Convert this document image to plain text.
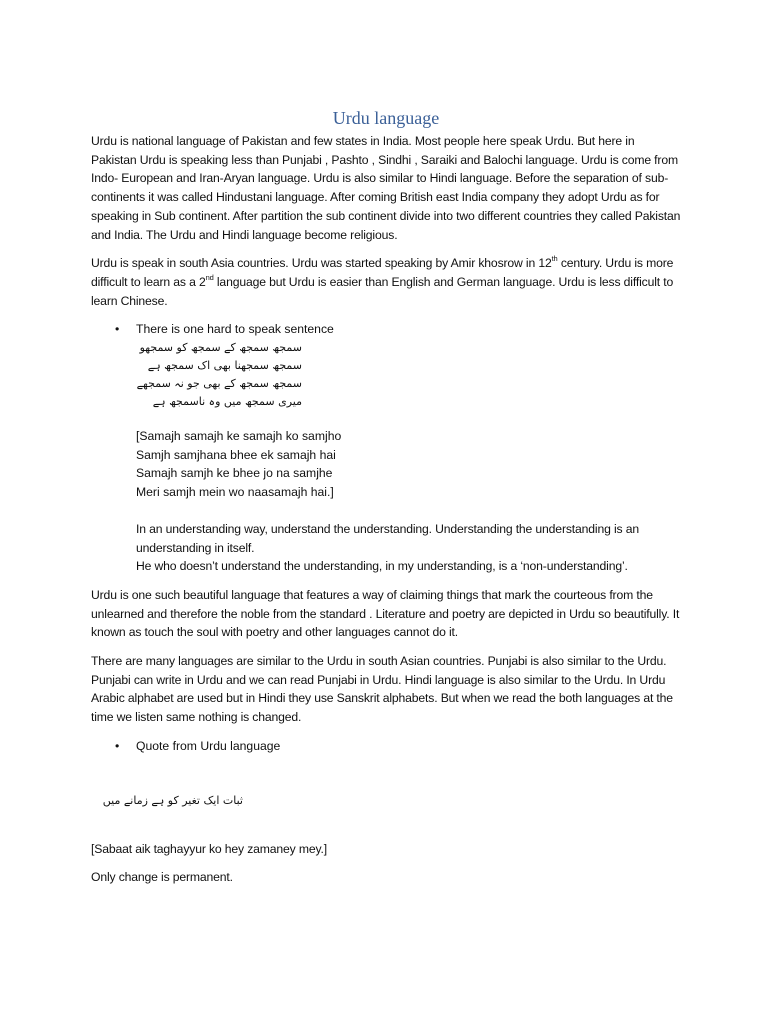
Urdu language

Urdu is national language of Pakistan and few states in India. Most people here speak Urdu. But here in Pakistan Urdu is speaking less than Punjabi , Pashto , Sindhi , Saraiki and Balochi language. Urdu is come from Indo- European and Iran-Aryan language. Urdu is also similar to Hindi language. Before the separation of sub- continents it was called Hindustani language. After coming British east India company they adopt Urdu as for speaking in Sub continent. After partition the sub continent divide into two different countries they called Pakistan and India. The Urdu and Hindi language become religious.

Urdu is speak in south Asia countries. Urdu was started speaking by Amir khosrow in 12th century. Urdu is more difficult to learn as a 2nd language but Urdu is easier than English and German language. Urdu is less difficult to learn Chinese.

• There is one hard to speak sentence
سمجھ سمجھ کے سمجھ کو سمجھو
سمجھ سمجھنا بھی اک سمجھ ہے
سمجھ سمجھ کے بھی جو نہ سمجھے
میری سمجھ میں وہ ناسمجھ ہے
[Samajh samajh ke samajh ko samjho
Samjh samjhana bhee ek samajh hai
Samajh samjh ke bhee jo na samjhe
Meri samjh mein wo naasamajh hai.]
In an understanding way, understand the understanding. Understanding the understanding is an understanding in itself.
He who doesn’t understand the understanding, in my understanding, is a ‘non-understanding’.

Urdu is one such beautiful language that features a way of claiming things that mark the courteous from the unlearned and therefore the noble from the standard . Literature and poetry are depicted in Urdu so beautifully. It known as touch the soul with poetry and other languages cannot do it.

There are many languages are similar to the Urdu in south Asian countries. Punjabi is also similar to the Urdu. Punjabi can write in Urdu and we can read Punjabi in Urdu. Hindi language is also similar to the Urdu. In Urdu Arabic alphabet are used but in Hindi they use Sanskrit alphabets. But when we read the both languages at the time we listen same nothing is changed.

• Quote from Urdu language
ثبات ایک تغیر کو ہے زمانے میں

[Sabaat aik taghayyur ko hey zamaney mey.]

Only change is permanent.
